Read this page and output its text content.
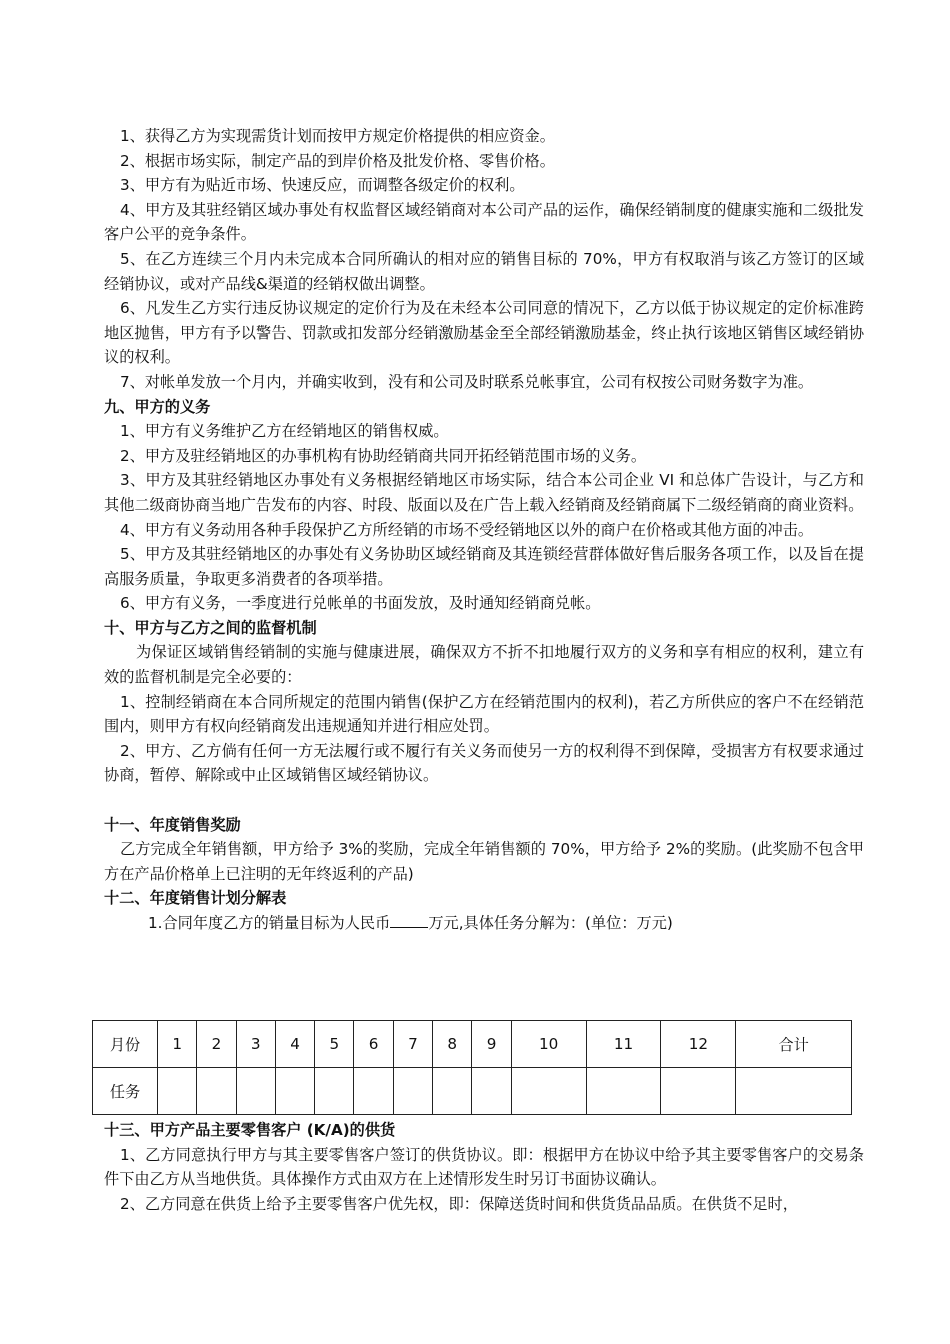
1、获得乙方为实现需货计划而按甲方规定价格提供的相应资金。

2、根据市场实际，制定产品的到岸价格及批发价格、零售价格。

3、甲方有为贴近市场、快速反应，而调整各级定价的权利。

4、甲方及其驻经销区域办事处有权监督区域经销商对本公司产品的运作，确保经销制度的健康实施和二级批发客户公平的竞争条件。

5、在乙方连续三个月内未完成本合同所确认的相对应的销售目标的 70%，甲方有权取消与该乙方签订的区域经销协议，或对产品线&渠道的经销权做出调整。

6、凡发生乙方实行违反协议规定的定价行为及在未经本公司同意的情况下，乙方以低于协议规定的定价标准跨地区抛售，甲方有予以警告、罚款或扣发部分经销激励基金至全部经销激励基金，终止执行该地区销售区域经销协议的权利。

7、对帐单发放一个月内，并确实收到，没有和公司及时联系兑帐事宜，公司有权按公司财务数字为准。

九、甲方的义务

1、甲方有义务维护乙方在经销地区的销售权威。

2、甲方及驻经销地区的办事机构有协助经销商共同开拓经销范围市场的义务。

3、甲方及其驻经销地区办事处有义务根据经销地区市场实际，结合本公司企业 VI 和总体广告设计，与乙方和其他二级商协商当地广告发布的内容、时段、版面以及在广告上载入经销商及经销商属下二级经销商的商业资料。

4、甲方有义务动用各种手段保护乙方所经销的市场不受经销地区以外的商户在价格或其他方面的冲击。

5、甲方及其驻经销地区的办事处有义务协助区域经销商及其连锁经营群体做好售后服务各项工作，以及旨在提高服务质量，争取更多消费者的各项举措。

6、甲方有义务，一季度进行兑帐单的书面发放，及时通知经销商兑帐。

十、甲方与乙方之间的监督机制

为保证区域销售经销制的实施与健康进展，确保双方不折不扣地履行双方的义务和享有相应的权利，建立有效的监督机制是完全必要的：

1、控制经销商在本合同所规定的范围内销售(保护乙方在经销范围内的权利)，若乙方所供应的客户不在经销范围内，则甲方有权向经销商发出违规通知并进行相应处罚。

2、甲方、乙方倘有任何一方无法履行或不履行有关义务而使另一方的权利得不到保障，受损害方有权要求通过协商，暂停、解除或中止区域销售区域经销协议。

十一、年度销售奖励

乙方完成全年销售额，甲方给予 3%的奖励，完成全年销售额的 70%，甲方给予 2%的奖励。(此奖励不包含甲方在产品价格单上已注明的无年终返利的产品)

十二、年度销售计划分解表

1.合同年度乙方的销量目标为人民币	万元,具体任务分解为：(单位：万元)

月份	1	2	3	4	5	6	7	8	9	10	11	12	合计
任务													

十三、甲方产品主要零售客户 (K/A)的供货

1、乙方同意执行甲方与其主要零售客户签订的供货协议。即：根据甲方在协议中给予其主要零售客户的交易条件下由乙方从当地供货。具体操作方式由双方在上述情形发生时另订书面协议确认。

2、乙方同意在供货上给予主要零售客户优先权，即：保障送货时间和供货货品品质。在供货不足时，
